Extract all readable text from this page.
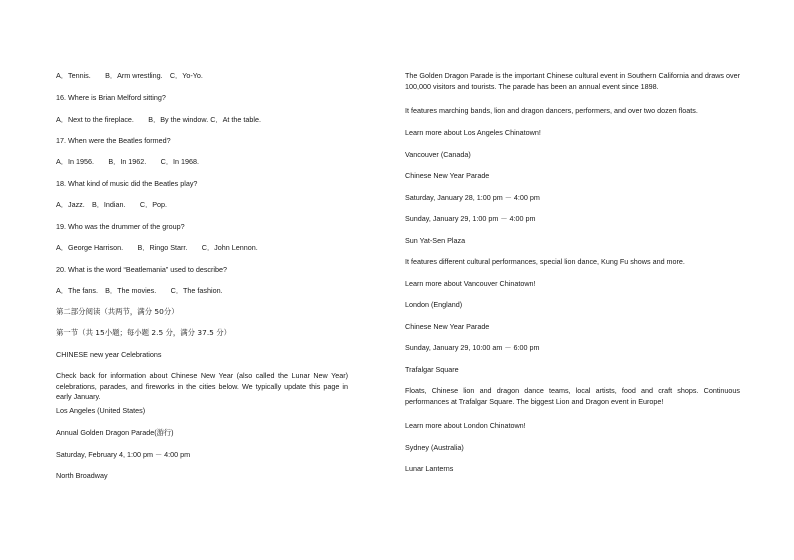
A．Tennis.　　B．Arm wrestling.　C．Yo-Yo.
16. Where is Brian Melford sitting?
A．Next to the fireplace.　　B．By the window. C．At the table.
17. When were the Beatles formed?
A．In 1956.　　B．In 1962.　　C．In 1968.
18. What kind of music did the Beatles play?
A．Jazz.　B．Indian.　　C．Pop.
19. Who was the drummer of the group?
A．George Harrison.　　B．Ringo Starr.　　C．John Lennon.
20. What is the word “Beatlemania” used to describe?
A．The fans.　B．The movies.　　C．The fashion.
第二部分阅读（共两节，满分 50分）
第一节（共 15小题；每小题 2.5 分，满分 37.5 分）
CHINESE new year Celebrations
Check back for information about Chinese New Year (also called the Lunar New Year) celebrations, parades, and fireworks in the cities below. We typically update this page in early January.
Los Angeles (United States)
Annual Golden Dragon Parade(游行)
Saturday, February 4, 1:00 pm － 4:00 pm
North Broadway
The Golden Dragon Parade is the important Chinese cultural event in Southern California and draws over 100,000 visitors and tourists. The parade has been an annual event since 1898.
It features marching bands, lion and dragon dancers, performers, and over two dozen floats.
Learn more about Los Angeles Chinatown!
Vancouver (Canada)
Chinese New Year Parade
Saturday, January 28, 1:00 pm － 4:00 pm
Sunday, January 29, 1:00 pm － 4:00 pm
Sun Yat-Sen Plaza
It features different cultural performances, special lion dance, Kung Fu shows and more.
Learn more about Vancouver Chinatown!
London (England)
Chinese New Year Parade
Sunday, January 29, 10:00 am － 6:00 pm
Trafalgar Square
Floats, Chinese lion and dragon dance teams, local artists, food and craft shops. Continuous performances at Trafalgar Square. The biggest Lion and Dragon event in Europe!
Learn more about London Chinatown!
Sydney (Australia)
Lunar Lanterns
